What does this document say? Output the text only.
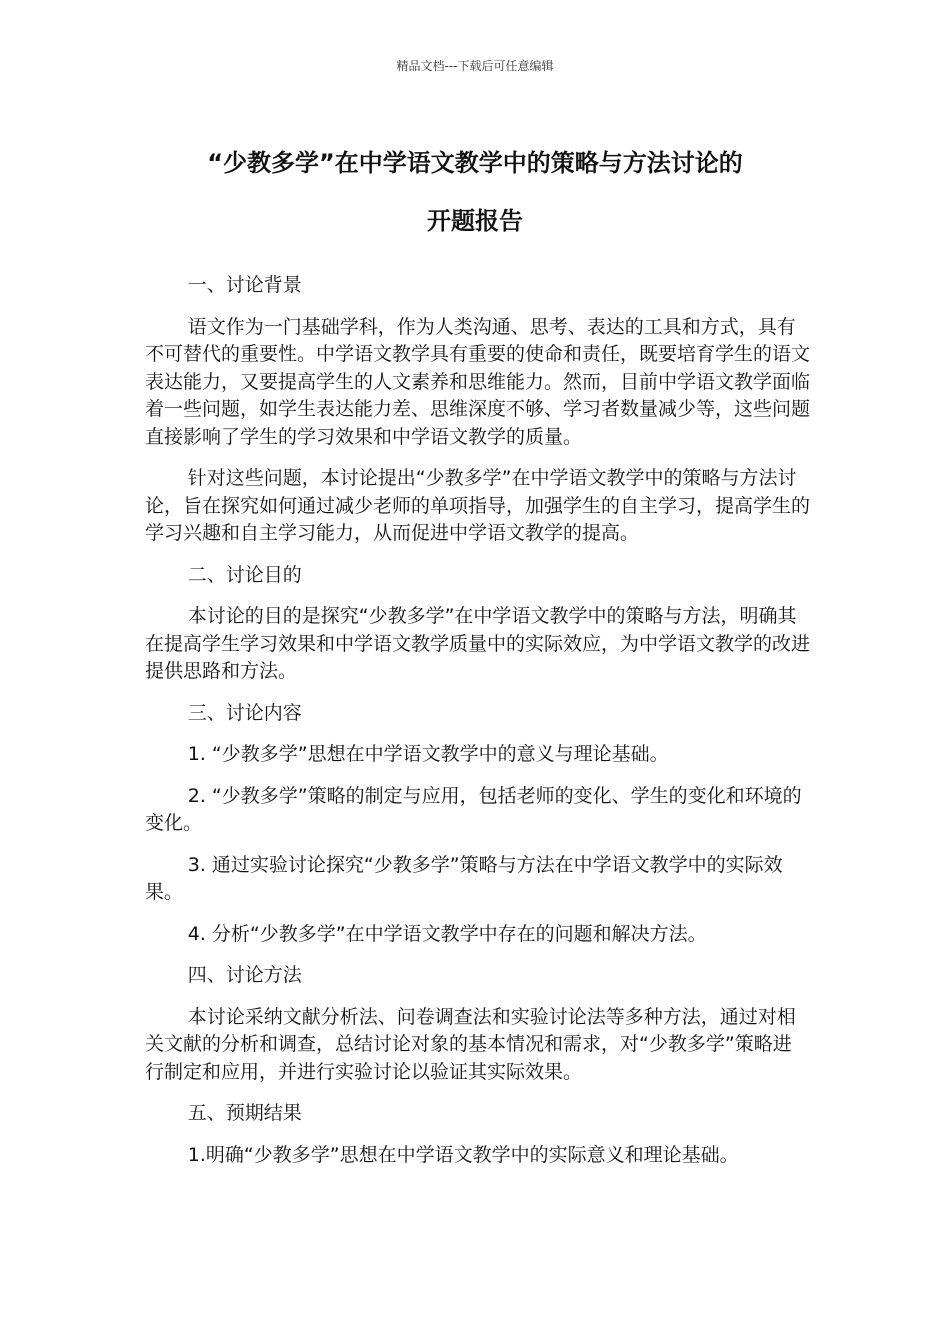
精品文档---下载后可任意编辑
“少教多学”在中学语文教学中的策略与方法讨论的
开题报告

一、讨论背景

语文作为一门基础学科，作为人类沟通、思考、表达的工具和方式，具有不可替代的重要性。中学语文教学具有重要的使命和责任，既要培育学生的语文表达能力，又要提高学生的人文素养和思维能力。然而，目前中学语文教学面临着一些问题，如学生表达能力差、思维深度不够、学习者数量减少等，这些问题直接影响了学生的学习效果和中学语文教学的质量。

针对这些问题，本讨论提出“少教多学”在中学语文教学中的策略与方法讨论，旨在探究如何通过减少老师的单项指导，加强学生的自主学习，提高学生的学习兴趣和自主学习能力，从而促进中学语文教学的提高。

二、讨论目的

本讨论的目的是探究“少教多学”在中学语文教学中的策略与方法，明确其在提高学生学习效果和中学语文教学质量中的实际效应，为中学语文教学的改进提供思路和方法。

三、讨论内容

1. “少教多学”思想在中学语文教学中的意义与理论基础。

2. “少教多学”策略的制定与应用，包括老师的变化、学生的变化和环境的变化。

3. 通过实验讨论探究“少教多学”策略与方法在中学语文教学中的实际效果。

4. 分析“少教多学”在中学语文教学中存在的问题和解决方法。

四、讨论方法

本讨论采纳文献分析法、问卷调查法和实验讨论法等多种方法，通过对相关文献的分析和调查，总结讨论对象的基本情况和需求，对“少教多学”策略进行制定和应用，并进行实验讨论以验证其实际效果。

五、预期结果

1.明确“少教多学”思想在中学语文教学中的实际意义和理论基础。
